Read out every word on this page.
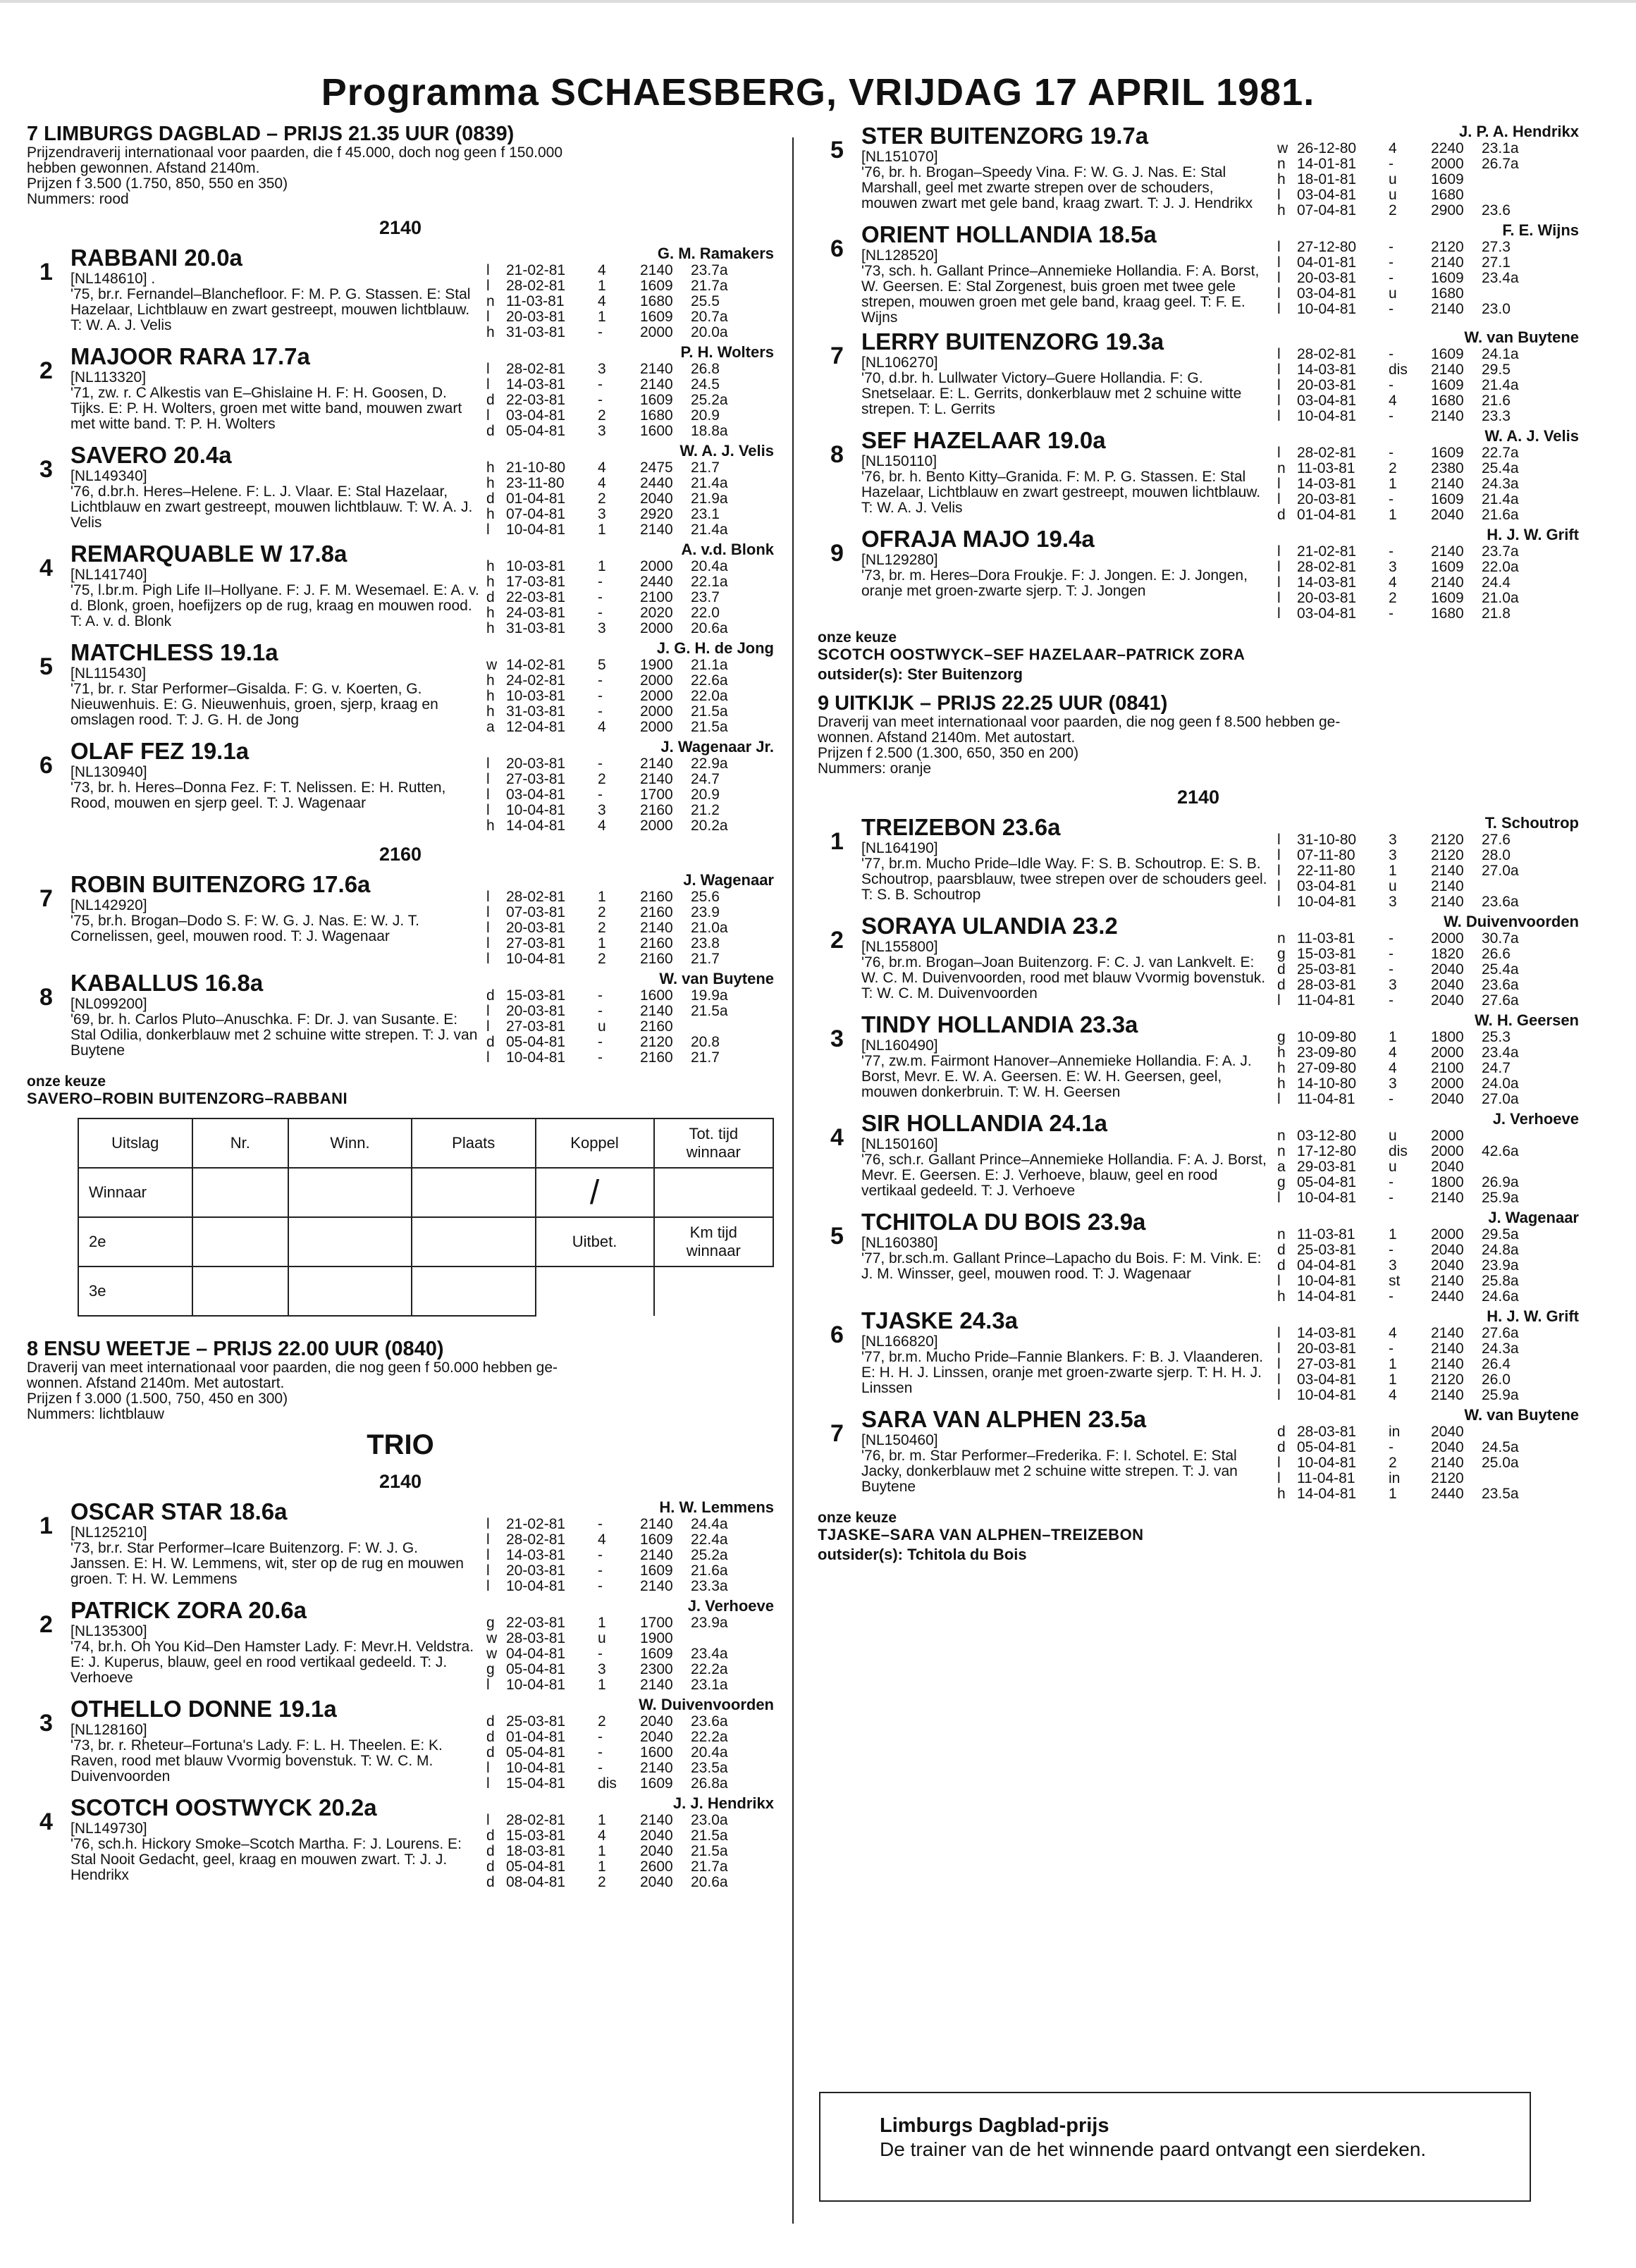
Programma SCHAESBERG, VRIJDAG 17 APRIL 1981.
7 LIMBURGS DAGBLAD – PRIJS 21.35 UUR (0839)
Prijzendraverij internationaal voor paarden, die f 45.000, doch nog geen f 150.000
hebben gewonnen. Afstand 2140m.
Prijzen f 3.500 (1.750, 850, 550 en 350)
Nummers: rood
2140
1
RABBANI 20.0a
[NL148610] .
'75, br.r. Fernandel–Blanchefloor. F: M. P. G. Stassen. E: Stal Hazelaar, Lichtblauw en zwart gestreept, mouwen lichtblauw. T: W. A. J. Velis
G. M. Ramakers
l	21-02-81	4	2140	23.7a
l	28-02-81	1	1609	21.7a
n 11-03-81	4	1680	25.5
l	20-03-81	1	1609	20.7a
h 31-03-81	-	2000	20.0a
2
MAJOOR RARA 17.7a
[NL113320]
'71, zw. r. C Alkestis van E–Ghislaine H. F: H. Goosen, D. Tijks. E: P. H. Wolters, groen met witte band, mouwen zwart met witte band. T: P. H. Wolters
P. H. Wolters
l	28-02-81	3	2140	26.8
l	14-03-81	-	2140	24.5
d 22-03-81	-	1609	25.2a
l	03-04-81	2	1680	20.9
d 05-04-81	3	1600	18.8a
3
SAVERO 20.4a
[NL149340]
'76, d.br.h. Heres–Helene. F: L. J. Vlaar. E: Stal Hazelaar, Lichtblauw en zwart gestreept, mouwen lichtblauw. T: W. A. J. Velis
W. A. J. Velis
h 21-10-80	4	2475	21.7
h 23-11-80	4	2440	21.4a
d 01-04-81	2	2040	21.9a
h 07-04-81	3	2920	23.1
l	10-04-81	1	2140	21.4a
4
REMARQUABLE W 17.8a
[NL141740]
'75, l.br.m. Pigh Life II–Hollyane. F: J. F. M. Wesemael. E: A. v. d. Blonk, groen, hoefijzers op de rug, kraag en mouwen rood. T: A. v. d. Blonk
A. v.d. Blonk
h 10-03-81	1	2000	20.4a
h 17-03-81	-	2440	22.1a
d 22-03-81	-	2100	23.7
h 24-03-81	-	2020	22.0
h 31-03-81	3	2000	20.6a
5
MATCHLESS 19.1a
[NL115430]
'71, br. r. Star Performer–Gisalda. F: G. v. Koerten, G. Nieuwenhuis. E: G. Nieuwenhuis, groen, sjerp, kraag en omslagen rood. T: J. G. H. de Jong
J. G. H. de Jong
w 14-02-81	5	1900	21.1a
h 24-02-81	-	2000	22.6a
h 10-03-81	-	2000	22.0a
h 31-03-81	-	2000	21.5a
a 12-04-81	4	2000	21.5a
6
OLAF FEZ 19.1a
[NL130940]
'73, br. h. Heres–Donna Fez. F: T. Nelissen. E: H. Rutten, Rood, mouwen en sjerp geel. T: J. Wagenaar
J. Wagenaar Jr.
l	20-03-81	-	2140	22.9a
l	27-03-81	2	2140	24.7
l	03-04-81	-	1700	20.9
l	10-04-81	3	2160	21.2
h 14-04-81	4	2000	20.2a
2160
7
ROBIN BUITENZORG 17.6a
[NL142920]
'75, br.h. Brogan–Dodo S. F: W. G. J. Nas. E: W. J. T. Cornelissen, geel, mouwen rood. T: J. Wagenaar
J. Wagenaar
l	28-02-81	1	2160	25.6
l	07-03-81	2	2160	23.9
l	20-03-81	2	2140	21.0a
l	27-03-81	1	2160	23.8
l	10-04-81	2	2160	21.7
8
KABALLUS 16.8a
[NL099200]
'69, br. h. Carlos Pluto–Anuschka. F: Dr. J. van Susante. E: Stal Odilia, donkerblauw met 2 schuine witte strepen. T: J. van Buytene
W. van Buytene
d 15-03-81	-	1600	19.9a
l	20-03-81	-	2140	21.5a
l	27-03-81	u	2160
d 05-04-81	-	2120	20.8
l	10-04-81	-	2160	21.7
onze keuze
SAVERO–ROBIN BUITENZORG–RABBANI
Uitslag	Nr.	Winn.	Plaats	Koppel	Tot. tijd winnaar
Winnaar				/	
2e				Uitbet.	Km tijd winnaar
3e					
8 ENSU WEETJE – PRIJS 22.00 UUR (0840)
Draverij van meet internationaal voor paarden, die nog geen f 50.000 hebben ge-
wonnen. Afstand 2140m. Met autostart.
Prijzen f 3.000 (1.500, 750, 450 en 300)
Nummers: lichtblauw
TRIO
2140
1
OSCAR STAR 18.6a
[NL125210]
'73, br.r. Star Performer–Icare Buitenzorg. F: W. J. G. Janssen. E: H. W. Lemmens, wit, ster op de rug en mouwen groen. T: H. W. Lemmens
H. W. Lemmens
l	21-02-81	-	2140	24.4a
l	28-02-81	4	1609	22.4a
l	14-03-81	-	2140	25.2a
l	20-03-81	-	1609	21.6a
l	10-04-81	-	2140	23.3a
2
PATRICK ZORA 20.6a
[NL135300]
'74, br.h. Oh You Kid–Den Hamster Lady. F: Mevr.H. Veldstra. E: J. Kuperus, blauw, geel en rood vertikaal gedeeld. T: J. Verhoeve
J. Verhoeve
g 22-03-81	1	1700	23.9a
w 28-03-81	u	1900
w 04-04-81	-	1609	23.4a
g 05-04-81	3	2300	22.2a
l	10-04-81	1	2140	23.1a
3
OTHELLO DONNE 19.1a
[NL128160]
'73, br. r. Rheteur–Fortuna's Lady. F: L. H. Theelen. E: K. Raven, rood met blauw Vvormig bovenstuk. T: W. C. M. Duivenvoorden
W. Duivenvoorden
d 25-03-81	2	2040	23.6a
d 01-04-81	-	2040	22.2a
d 05-04-81	-	1600	20.4a
l	10-04-81	-	2140	23.5a
l	15-04-81	dis	1609	26.8a
4
SCOTCH OOSTWYCK 20.2a
[NL149730]
'76, sch.h. Hickory Smoke–Scotch Martha. F: J. Lourens. E: Stal Nooit Gedacht, geel, kraag en mouwen zwart. T: J. J. Hendrikx
J. J. Hendrikx
l	28-02-81	1	2140	23.0a
d 15-03-81	4	2040	21.5a
d 18-03-81	1	2040	21.5a
d 05-04-81	1	2600	21.7a
d 08-04-81	2	2040	20.6a
5
STER BUITENZORG 19.7a
[NL151070]
'76, br. h. Brogan–Speedy Vina. F: W. G. J. Nas. E: Stal Marshall, geel met zwarte strepen over de schouders, mouwen zwart met gele band, kraag zwart. T: J. J. Hendrikx
J. P. A. Hendrikx
w 26-12-80	4	2240	23.1a
n 14-01-81	-	2000	26.7a
h 18-01-81	u	1609
l	03-04-81	u	1680
h 07-04-81	2	2900	23.6
6
ORIENT HOLLANDIA 18.5a
[NL128520]
'73, sch. h. Gallant Prince–Annemieke Hollandia. F: A. Borst, W. Geersen. E: Stal Zorgenest, buis groen met twee gele strepen, mouwen groen met gele band, kraag geel. T: F. E. Wijns
F. E. Wijns
l	27-12-80	-	2120	27.3
l	04-01-81	-	2140	27.1
l	20-03-81	-	1609	23.4a
l	03-04-81	u	1680
l	10-04-81	-	2140	23.0
7
LERRY BUITENZORG 19.3a
[NL106270]
'70, d.br. h. Lullwater Victory–Guere Hollandia. F: G. Snetselaar. E: L. Gerrits, donkerblauw met 2 schuine witte strepen. T: L. Gerrits
W. van Buytene
l	28-02-81	-	1609	24.1a
l	14-03-81	dis	2140	29.5
l	20-03-81	-	1609	21.4a
l	03-04-81	4	1680	21.6
l	10-04-81	-	2140	23.3
8
SEF HAZELAAR 19.0a
[NL150110]
'76, br. h. Bento Kitty–Granida. F: M. P. G. Stassen. E: Stal Hazelaar, Lichtblauw en zwart gestreept, mouwen lichtblauw. T: W. A. J. Velis
W. A. J. Velis
l	28-02-81	-	1609	22.7a
n 11-03-81	2	2380	25.4a
l	14-03-81	1	2140	24.3a
l	20-03-81	-	1609	21.4a
d 01-04-81	1	2040	21.6a
9
OFRAJA MAJO 19.4a
[NL129280]
'73, br. m. Heres–Dora Froukje. F: J. Jongen. E: J. Jongen, oranje met groen-zwarte sjerp. T: J. Jongen
H. J. W. Grift
l	21-02-81	-	2140	23.7a
l	28-02-81	3	1609	22.0a
l	14-03-81	4	2140	24.4
l	20-03-81	2	1609	21.0a
l	03-04-81	-	1680	21.8
onze keuze
SCOTCH OOSTWYCK–SEF HAZELAAR–PATRICK ZORA
outsider(s): Ster Buitenzorg
9 UITKIJK – PRIJS 22.25 UUR (0841)
Draverij van meet internationaal voor paarden, die nog geen f 8.500 hebben ge-
wonnen. Afstand 2140m. Met autostart.
Prijzen f 2.500 (1.300, 650, 350 en 200)
Nummers: oranje
2140
1
TREIZEBON 23.6a
[NL164190]
'77, br.m. Mucho Pride–Idle Way. F: S. B. Schoutrop. E: S. B. Schoutrop, paarsblauw, twee strepen over de schouders geel. T: S. B. Schoutrop
T. Schoutrop
l	31-10-80	3	2120	27.6
l	07-11-80	3	2120	28.0
l	22-11-80	1	2140	27.0a
l	03-04-81	u	2140
l	10-04-81	3	2140	23.6a
2
SORAYA ULANDIA 23.2
[NL155800]
'76, br.m. Brogan–Joan Buitenzorg. F: C. J. van Lankvelt. E: W. C. M. Duivenvoorden, rood met blauw Vvormig bovenstuk. T: W. C. M. Duivenvoorden
W. Duivenvoorden
n 11-03-81	-	2000	30.7a
g 15-03-81	-	1820	26.6
d 25-03-81	-	2040	25.4a
d 28-03-81	3	2040	23.6a
l	11-04-81	-	2040	27.6a
3
TINDY HOLLANDIA 23.3a
[NL160490]
'77, zw.m. Fairmont Hanover–Annemieke Hollandia. F: A. J. Borst, Mevr. E. W. A. Geersen. E: W. H. Geersen, geel, mouwen donkerbruin. T: W. H. Geersen
W. H. Geersen
g 10-09-80	1	1800	25.3
h 23-09-80	4	2000	23.4a
h 27-09-80	4	2100	24.7
h 14-10-80	3	2000	24.0a
l	11-04-81	-	2040	27.0a
4
SIR HOLLANDIA 24.1a
[NL150160]
'76, sch.r. Gallant Prince–Annemieke Hollandia. F: A. J. Borst, Mevr. E. Geersen. E: J. Verhoeve, blauw, geel en rood vertikaal gedeeld. T: J. Verhoeve
J. Verhoeve
n 03-12-80	u	2000
n 17-12-80	dis	2000	42.6a
a 29-03-81	u	2040
g 05-04-81	-	1800	26.9a
l	10-04-81	-	2140	25.9a
5
TCHITOLA DU BOIS 23.9a
[NL160380]
'77, br.sch.m. Gallant Prince–Lapacho du Bois. F: M. Vink. E: J. M. Winsser, geel, mouwen rood. T: J. Wagenaar
J. Wagenaar
n 11-03-81	1	2000	29.5a
d 25-03-81	-	2040	24.8a
d 04-04-81	3	2040	23.9a
l	10-04-81	st	2140	25.8a
h 14-04-81	-	2440	24.6a
6
TJASKE 24.3a
[NL166820]
'77, br.m. Mucho Pride–Fannie Blankers. F: B. J. Vlaanderen. E: H. H. J. Linssen, oranje met groen-zwarte sjerp. T: H. H. J. Linssen
H. J. W. Grift
l	14-03-81	4	2140	27.6a
l	20-03-81	-	2140	24.3a
l	27-03-81	1	2140	26.4
l	03-04-81	1	2120	26.0
l	10-04-81	4	2140	25.9a
7
SARA VAN ALPHEN 23.5a
[NL150460]
'76, br. m. Star Performer–Frederika. F: I. Schotel. E: Stal Jacky, donkerblauw met 2 schuine witte strepen. T: J. van Buytene
W. van Buytene
d 28-03-81	in	2040
d 05-04-81	-	2040	24.5a
l	10-04-81	2	2140	25.0a
l	11-04-81	in	2120
h 14-04-81	1	2440	23.5a
onze keuze
TJASKE–SARA VAN ALPHEN–TREIZEBON
outsider(s): Tchitola du Bois
Limburgs Dagblad-prijs
De trainer van de het winnende paard ontvangt een sierdeken.
